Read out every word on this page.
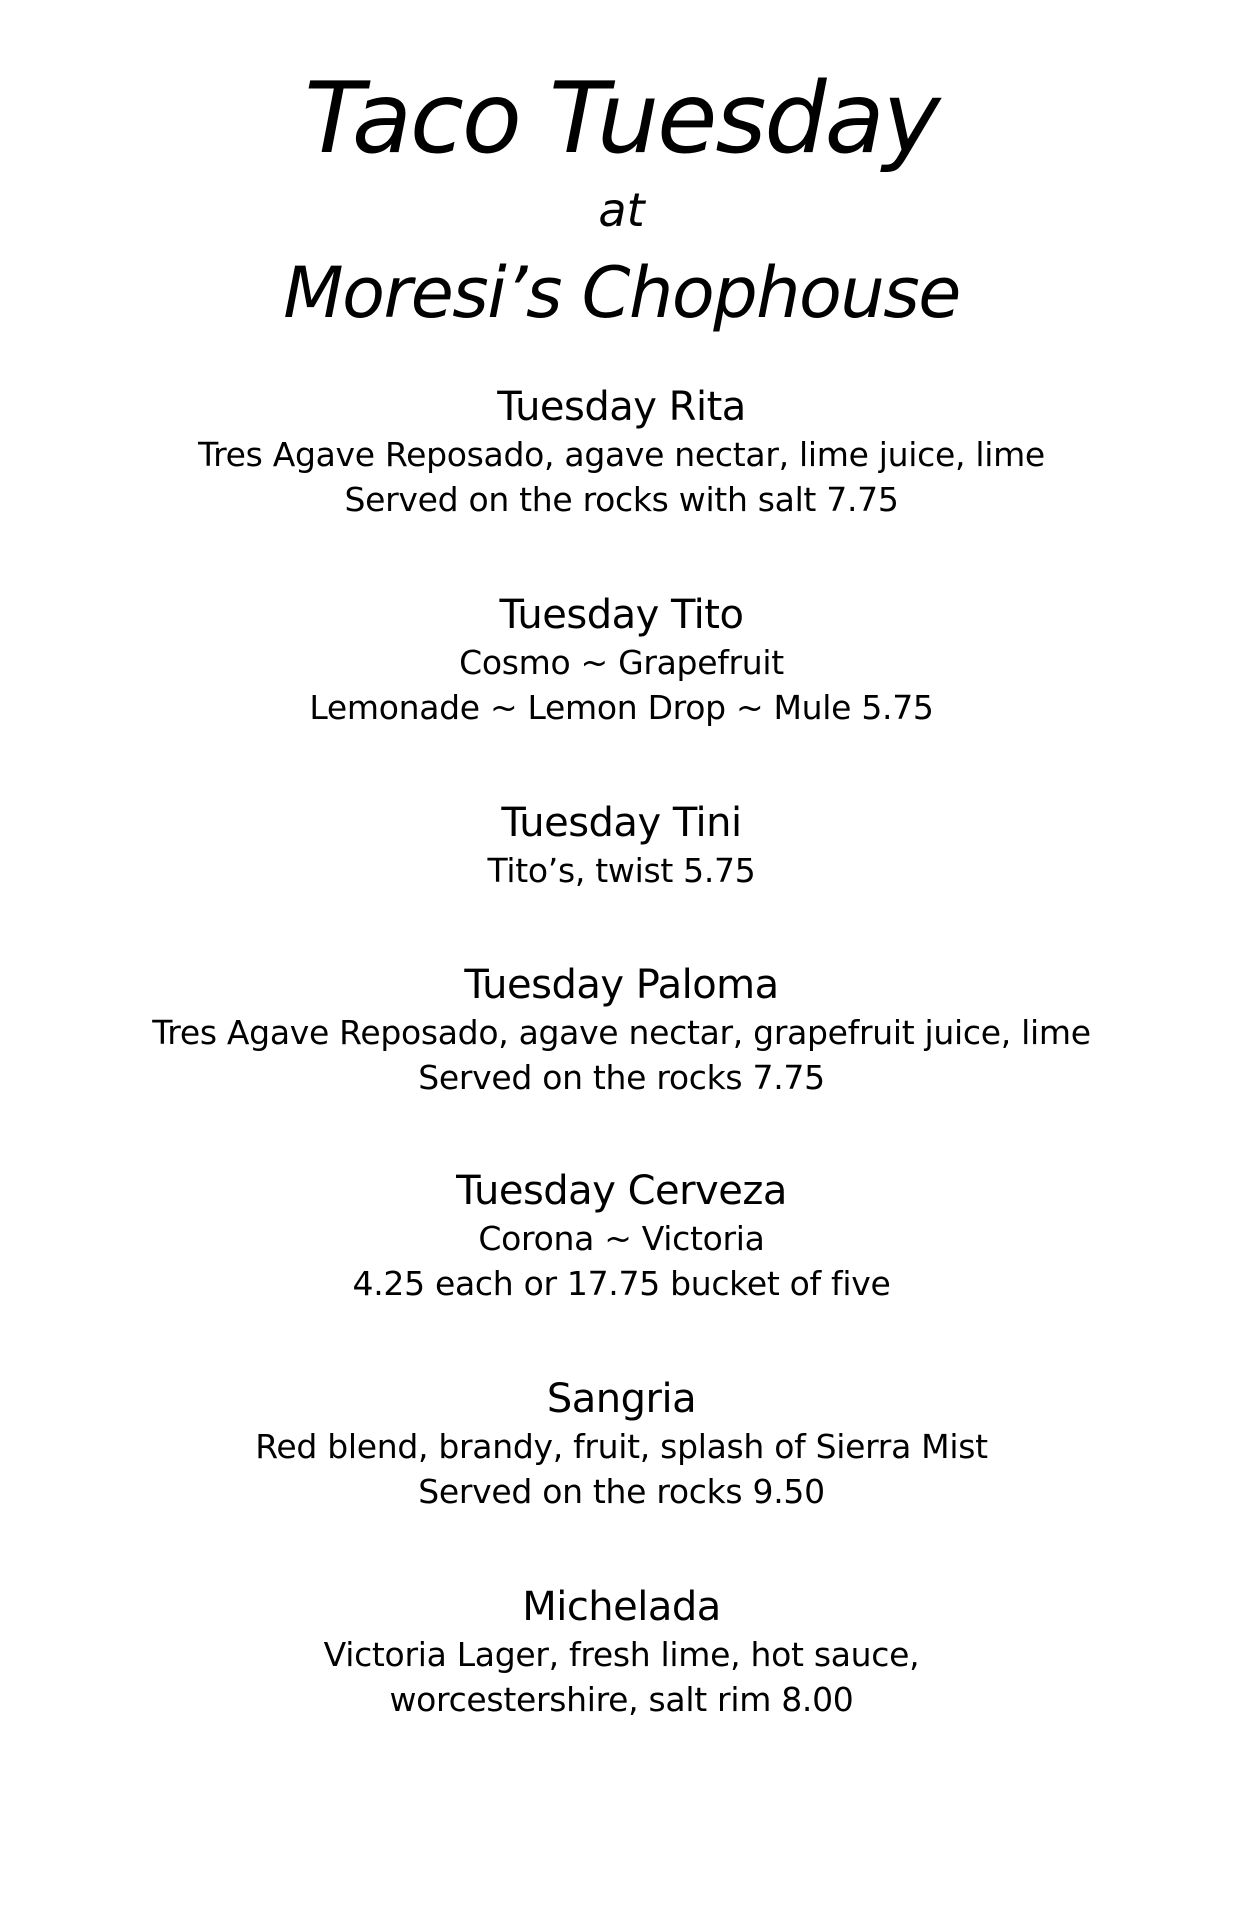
Taco Tuesday
at
Moresi’s Chophouse

Tuesday Rita

Tres Agave Reposado, agave nectar, lime juice, lime

Served on the rocks with salt 7.75

Tuesday Tito

Cosmo ~ Grapefruit

Lemonade ~ Lemon Drop ~ Mule 5.75

Tuesday Tini

Tito’s, twist 5.75

Tuesday Paloma

Tres Agave Reposado, agave nectar, grapefruit juice, lime

Served on the rocks 7.75

Tuesday Cerveza

Corona ~ Victoria

4.25 each or 17.75 bucket of five

Sangria

Red blend, brandy, fruit, splash of Sierra Mist

Served on the rocks 9.50

Michelada

Victoria Lager, fresh lime, hot sauce,

worcestershire, salt rim 8.00
